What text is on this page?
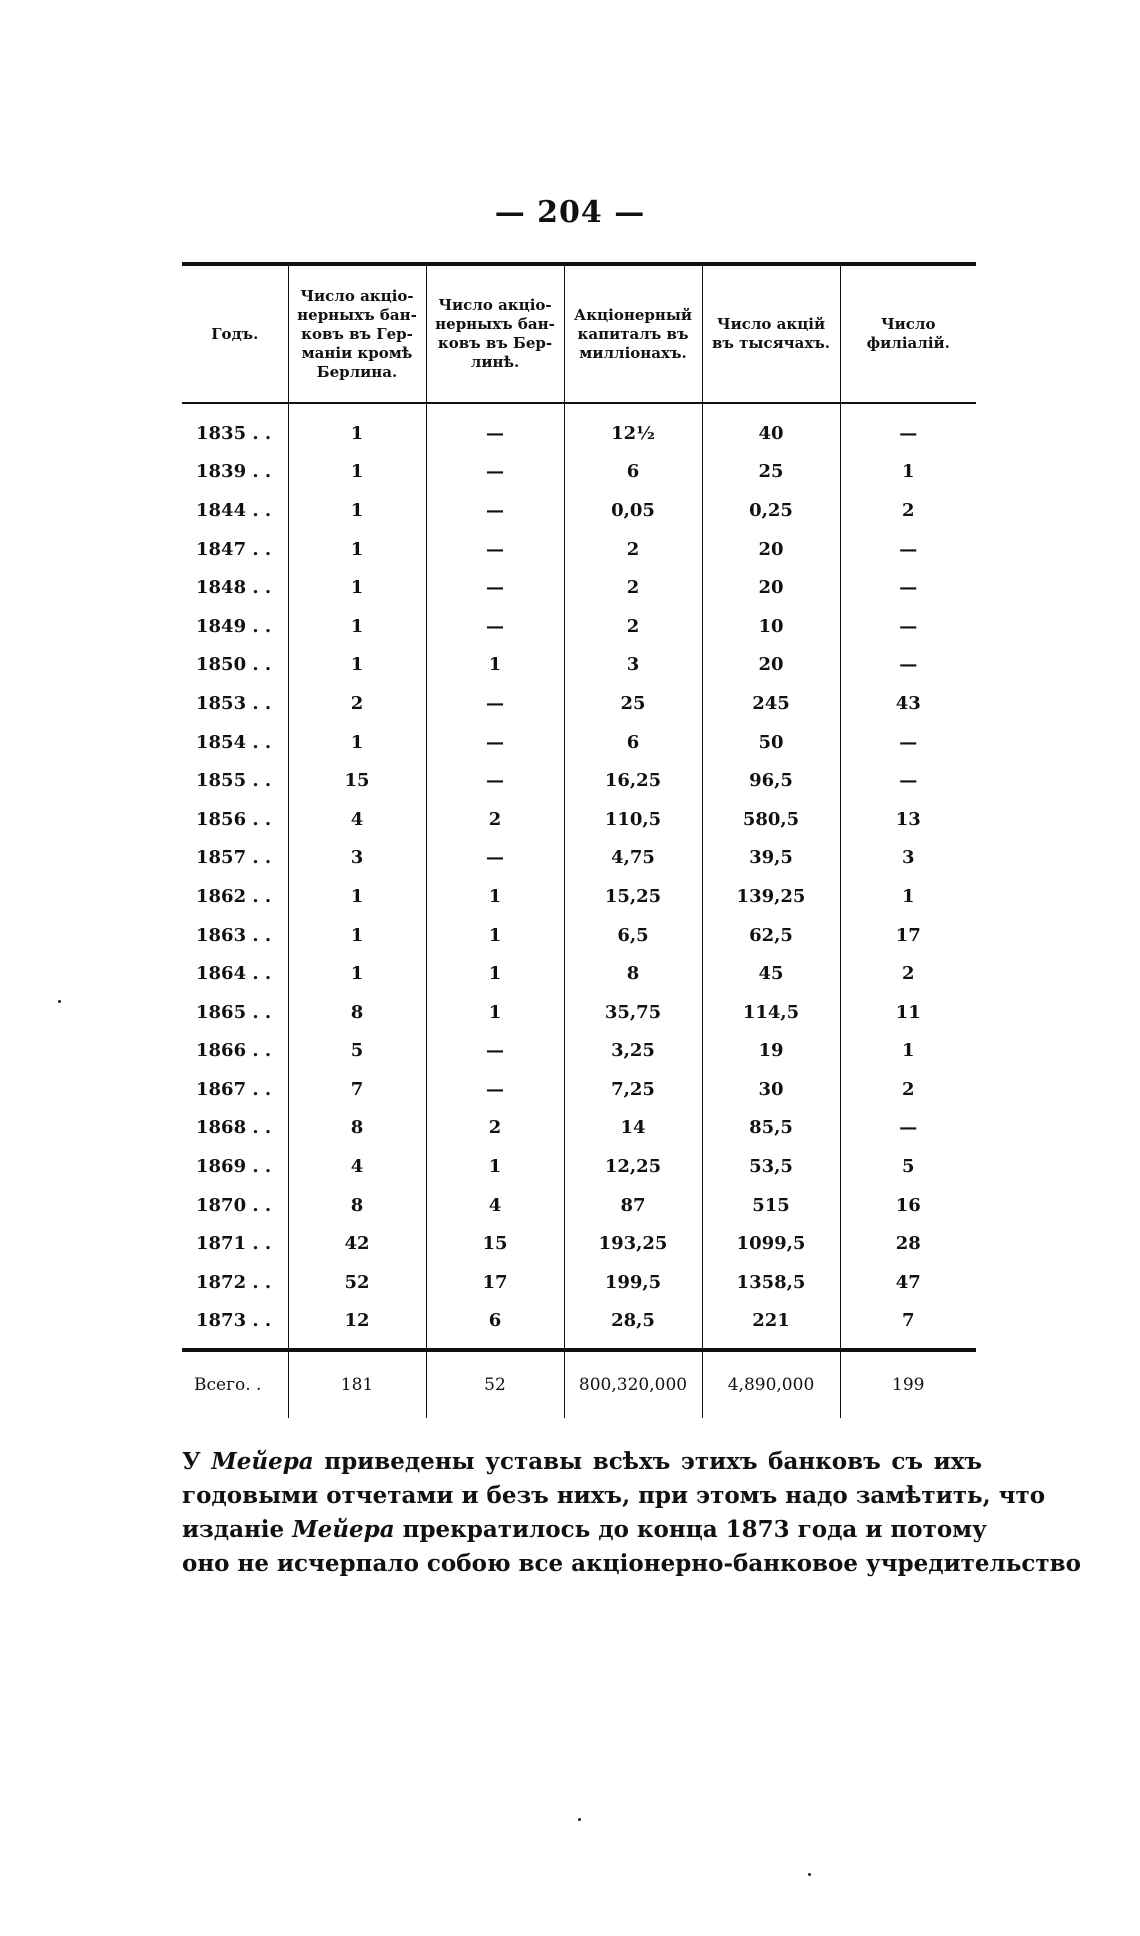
— 204 —
Годъ.	Число акціо-нерныхъ бан-ковъ въ Гер-маніи кромѣ Берлина.	Число акціо-нерныхъ бан-ковъ въ Бер-линѣ.	Акціонерный капиталъ въ милліонахъ.	Число акцій въ тысячахъ.	Число филіалій.
1835 . .	1	—	12½	40	—
1839 . .	1	—	6	25	1
1844 . .	1	—	0,05	0,25	2
1847 . .	1	—	2	20	—
1848 . .	1	—	2	20	—
1849 . .	1	—	2	10	—
1850 . .	1	1	3	20	—
1853 . .	2	—	25	245	43
1854 . .	1	—	6	50	—
1855 . .	15	—	16,25	96,5	—
1856 . .	4	2	110,5	580,5	13
1857 . .	3	—	4,75	39,5	3
1862 . .	1	1	15,25	139,25	1
1863 . .	1	1	6,5	62,5	17
1864 . .	1	1	8	45	2
1865 . .	8	1	35,75	114,5	11
1866 . .	5	—	3,25	19	1
1867 . .	7	—	7,25	30	2
1868 . .	8	2	14	85,5	—
1869 . .	4	1	12,25	53,5	5
1870 . .	8	4	87	515	16
1871 . .	42	15	193,25	1099,5	28
1872 . .	52	17	199,5	1358,5	47
1873 . .	12	6	28,5	221	7
Всего. .	181	52	800,320,000	4,890,000	199
У Мейера приведены уставы всѣхъ этихъ банковъ съ ихъ
годовыми отчетами и безъ нихъ, при этомъ надо замѣтить, что
изданіе Мейера прекратилось до конца 1873 года и потому
оно не исчерпало собою все акціонерно-банковое учредительство
